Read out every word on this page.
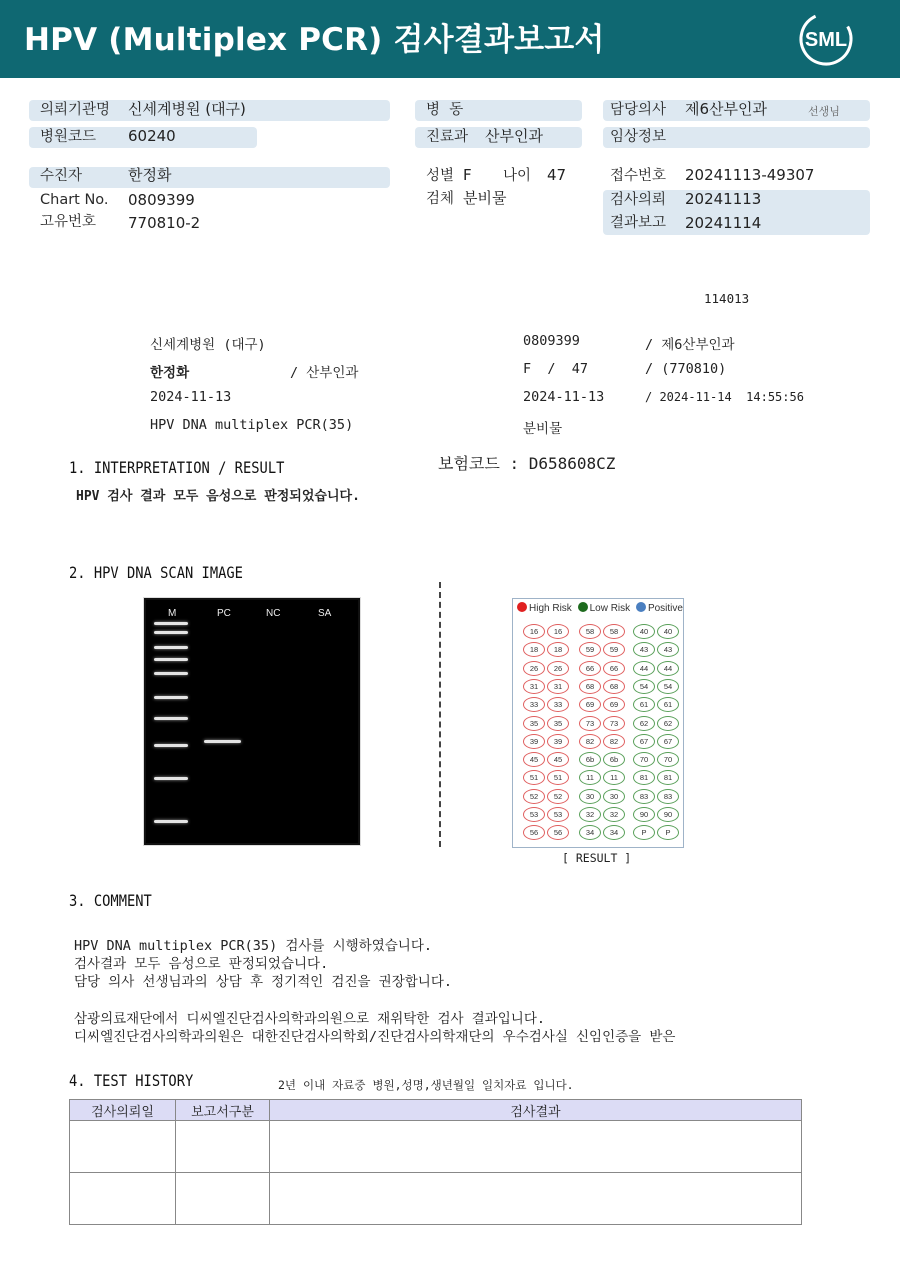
HPV (Multiplex PCR) 검사결과보고서	SML
의뢰기관명 신세계병원 (대구)
병원코드 60240
병  동
진료과 산부인과
담당의사 제6산부인과	선생님
임상정보
수진자	한정화
Chart No. 0809399
고유번호 770810-2
성별 F 나이 47
검체 분비물
접수번호 20241113-49307
검사의뢰 20241113
결과보고 20241114
114013
신세계병원 (대구)	0809399	/ 제6산부인과
한정화	/ 산부인과	F  /  47	/ (770810)
2024-11-13	2024-11-13	/ 2024-11-14  14:55:56
HPV DNA multiplex PCR(35)	분비물
1. INTERPRETATION / RESULT
HPV 검사 결과 모두 음성으로 판정되었습니다.
보험코드 : D658608CZ
2. HPV DNA SCAN IMAGE
M	PC	NC	SA	High Risk Low Risk Positive
16	16
18	18
26	26
31	31
33	33
35	35
39	39
45	45
51	51
52	52
53	53
56	56
58	58
59	59
66	66
68	68
69	69
73	73
82	82
6b	6b
11	11
30	30
32	32
34	34
40	40
43	43
44	44
54	54
61	61
62	62
67	67
70	70
81	81
83	83
90	90
P	P
[ RESULT ]
3. COMMENT
HPV DNA multiplex PCR(35) 검사를 시행하였습니다.
검사결과 모두 음성으로 판정되었습니다.
담당 의사 선생님과의 상담 후 정기적인 검진을 권장합니다.
삼광의료재단에서 디씨엘진단검사의학과의원으로 재위탁한 검사 결과입니다.
디씨엘진단검사의학과의원은 대한진단검사의학회/진단검사의학재단의 우수검사실 신임인증을 받은
4. TEST HISTORY	2년 이내 자료중 병원,성명,생년월일 일치자료 입니다.
검사의뢰일	보고서구분	검사결과
